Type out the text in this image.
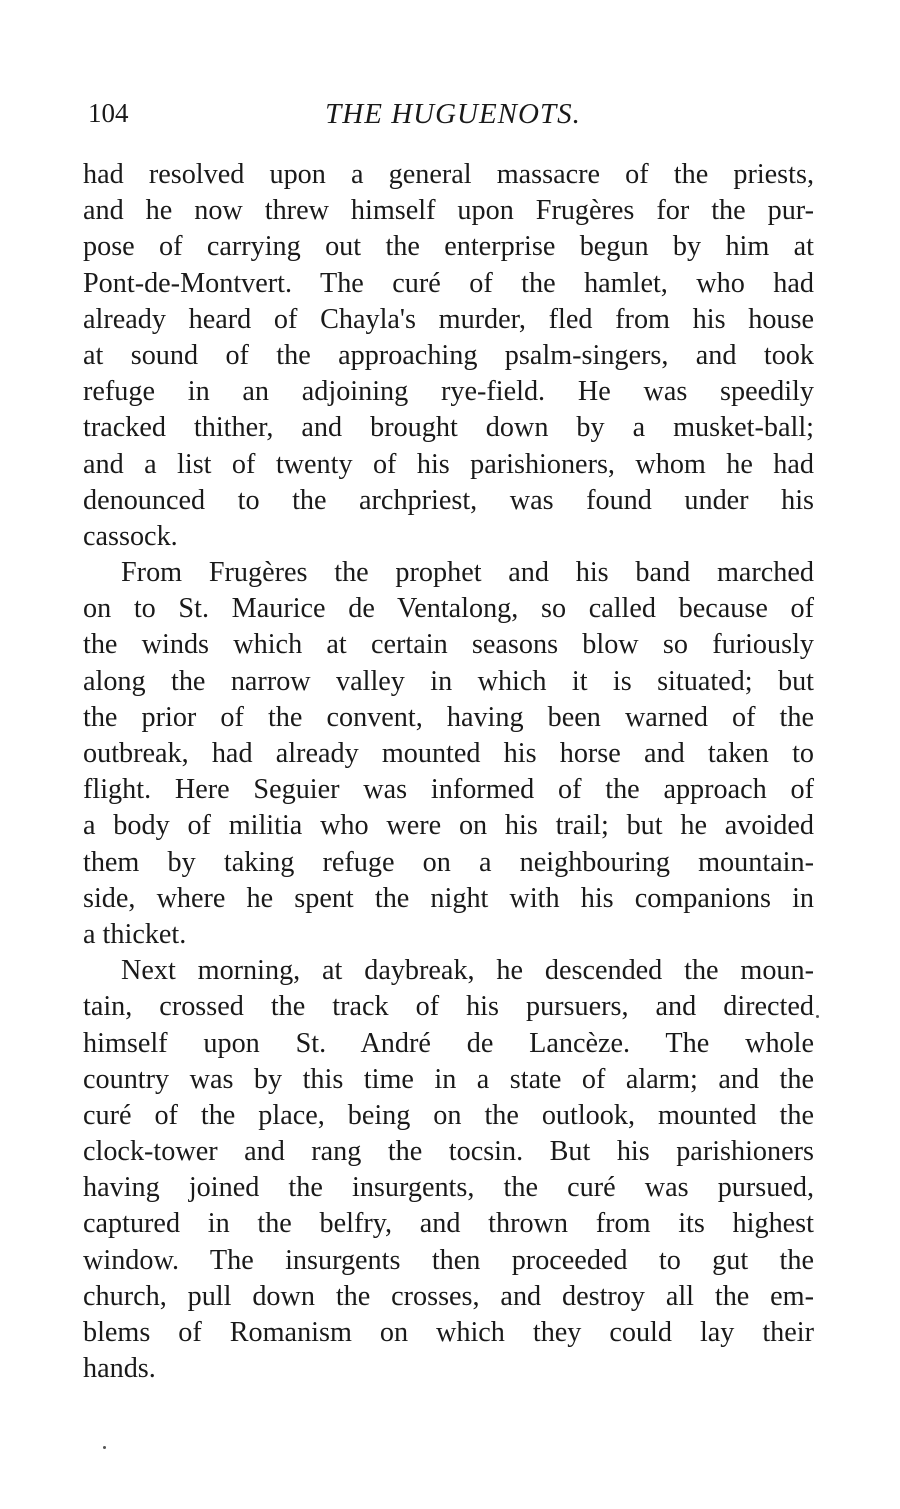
104	THE HUGUENOTS.
had resolved upon a general massacre of the priests,
and he now threw himself upon Frugères for the pur-
pose of carrying out the enterprise begun by him at
Pont-de-Montvert. The curé of the hamlet, who had
already heard of Chayla's murder, fled from his house
at sound of the approaching psalm-singers, and took
refuge in an adjoining rye-field. He was speedily
tracked thither, and brought down by a musket-ball;
and a list of twenty of his parishioners, whom he had
denounced to the archpriest, was found under his
cassock.
From Frugères the prophet and his band marched
on to St. Maurice de Ventalong, so called because of
the winds which at certain seasons blow so furiously
along the narrow valley in which it is situated; but
the prior of the convent, having been warned of the
outbreak, had already mounted his horse and taken to
flight. Here Seguier was informed of the approach of
a body of militia who were on his trail; but he avoided
them by taking refuge on a neighbouring mountain-
side, where he spent the night with his companions in
a thicket.
Next morning, at daybreak, he descended the moun-
tain, crossed the track of his pursuers, and directed
himself upon St. André de Lancèze. The whole
country was by this time in a state of alarm; and the
curé of the place, being on the outlook, mounted the
clock-tower and rang the tocsin. But his parishioners
having joined the insurgents, the curé was pursued,
captured in the belfry, and thrown from its highest
window. The insurgents then proceeded to gut the
church, pull down the crosses, and destroy all the em-
blems of Romanism on which they could lay their
hands.
